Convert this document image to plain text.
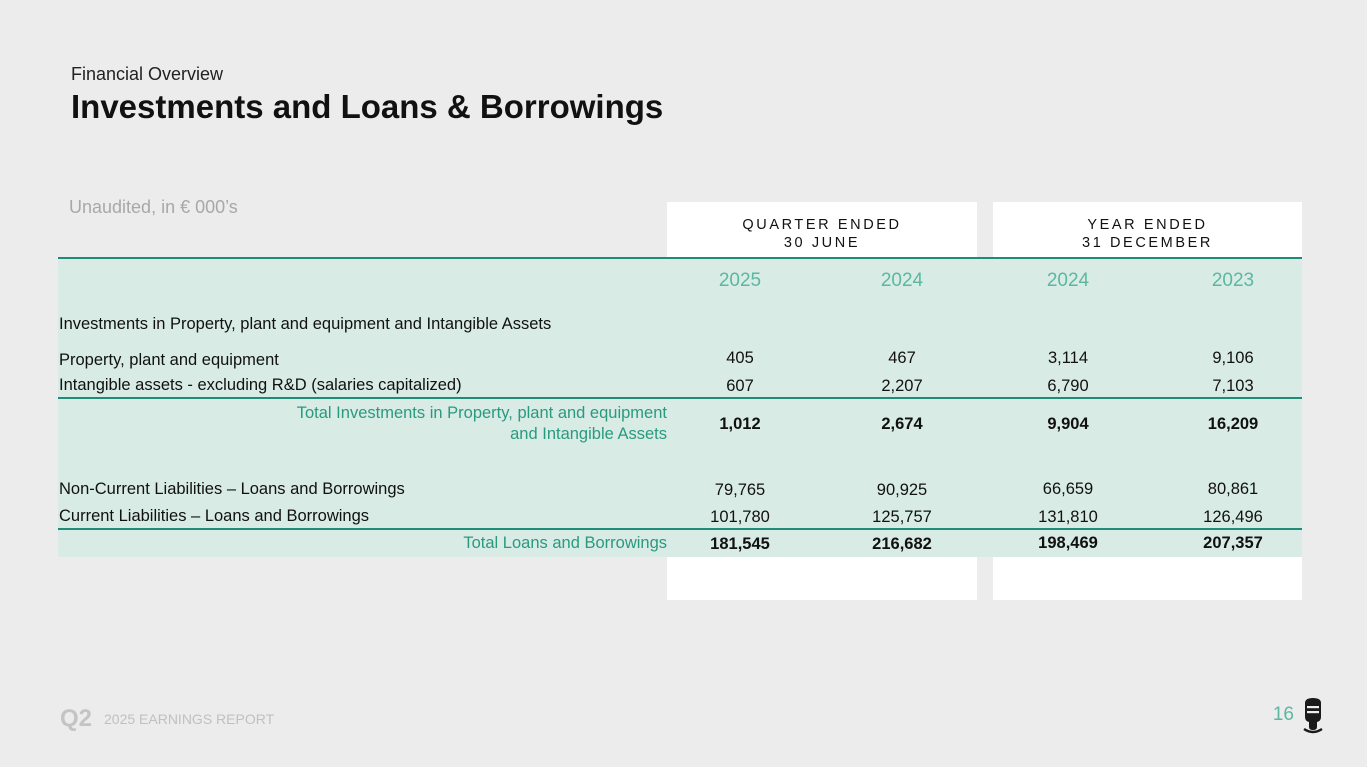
Financial Overview
Investments and Loans & Borrowings
Unaudited, in € 000’s
QUARTER ENDED
30 JUNE
YEAR ENDED
31 DECEMBER
2025	2024	2024	2023
Investments in Property, plant and equipment and Intangible Assets
Property, plant and equipment	405	467	3,114	9,106
Intangible assets - excluding R&D (salaries capitalized)	607	2,207	6,790	7,103
Total Investments in Property, plant and equipment
and Intangible Assets
1,012	2,674	9,904	16,209
Non-Current Liabilities – Loans and Borrowings	79,765	90,925	66,659	80,861
Current Liabilities – Loans and Borrowings	101,780	125,757	131,810	126,496
Total Loans and Borrowings	181,545	216,682	198,469	207,357
Q2 2025 EARNINGS REPORT	16
